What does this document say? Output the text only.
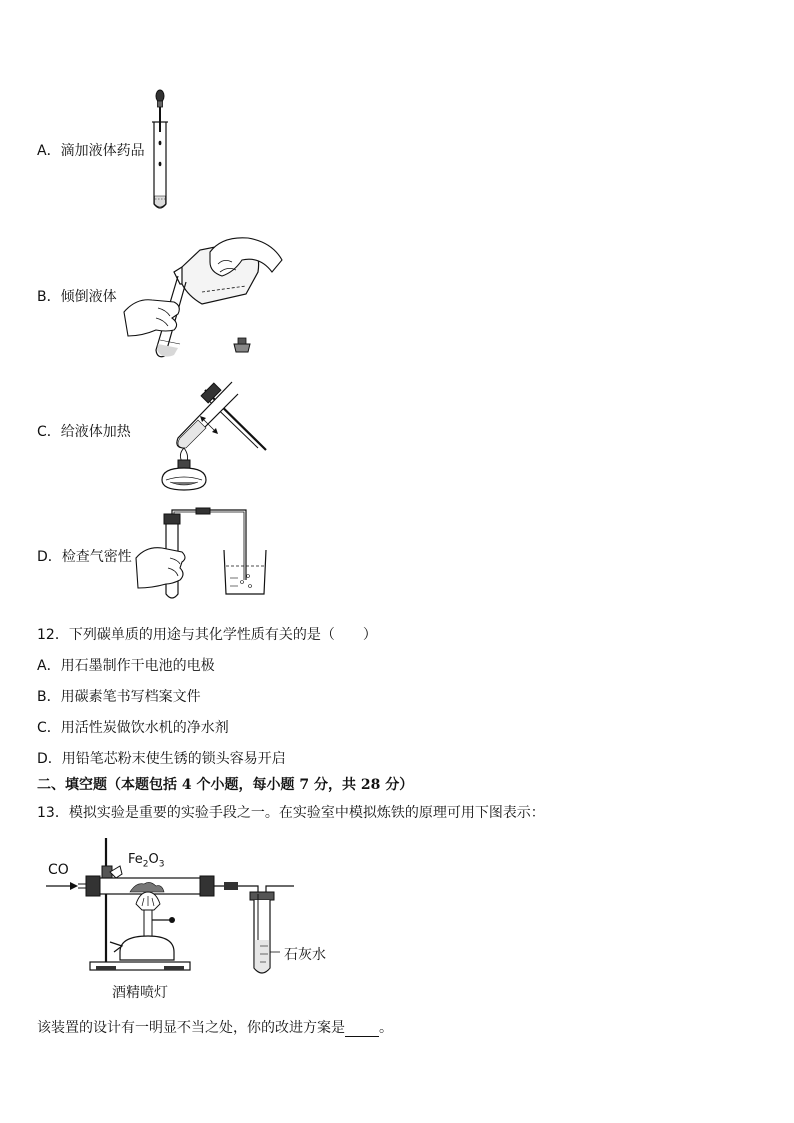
A．滴加液体药品
B．倾倒液体
C．给液体加热
D．检查气密性
12．下列碳单质的用途与其化学性质有关的是（　　）
A．用石墨制作干电池的电极
B．用碳素笔书写档案文件
C．用活性炭做饮水机的净水剂
D．用铅笔芯粉末使生锈的锁头容易开启
二、填空题（本题包括 4 个小题，每小题 7 分，共 28 分）
13．模拟实验是重要的实验手段之一。在实验室中模拟炼铁的原理可用下图表示：
CO
$Fe_2O_3$
石灰水
酒精喷灯
该装置的设计有一明显不当之处，你的改进方案是 。
